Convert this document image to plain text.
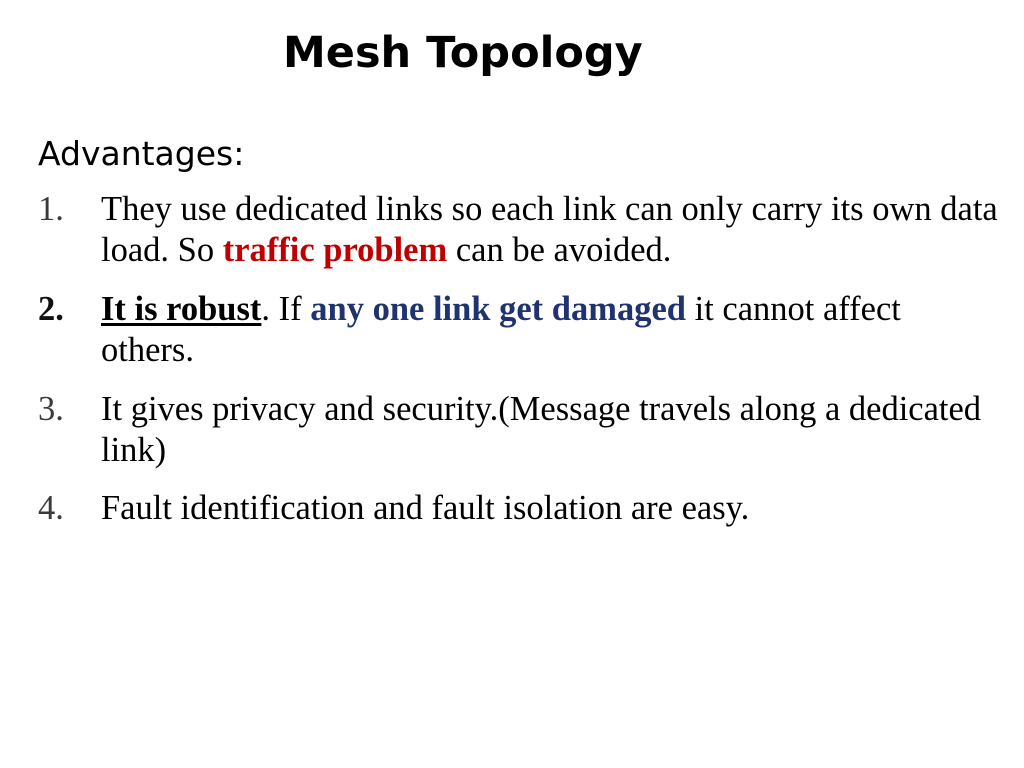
Mesh Topology
Advantages:
1.	They use dedicated links so each link can only carry its own data load. So traffic problem can be avoided.
2.	It is robust. If any one link get damaged it cannot affect others.
3.	It gives privacy and security.(Message travels along a dedicated link)
4.	Fault identification and fault isolation are easy.
